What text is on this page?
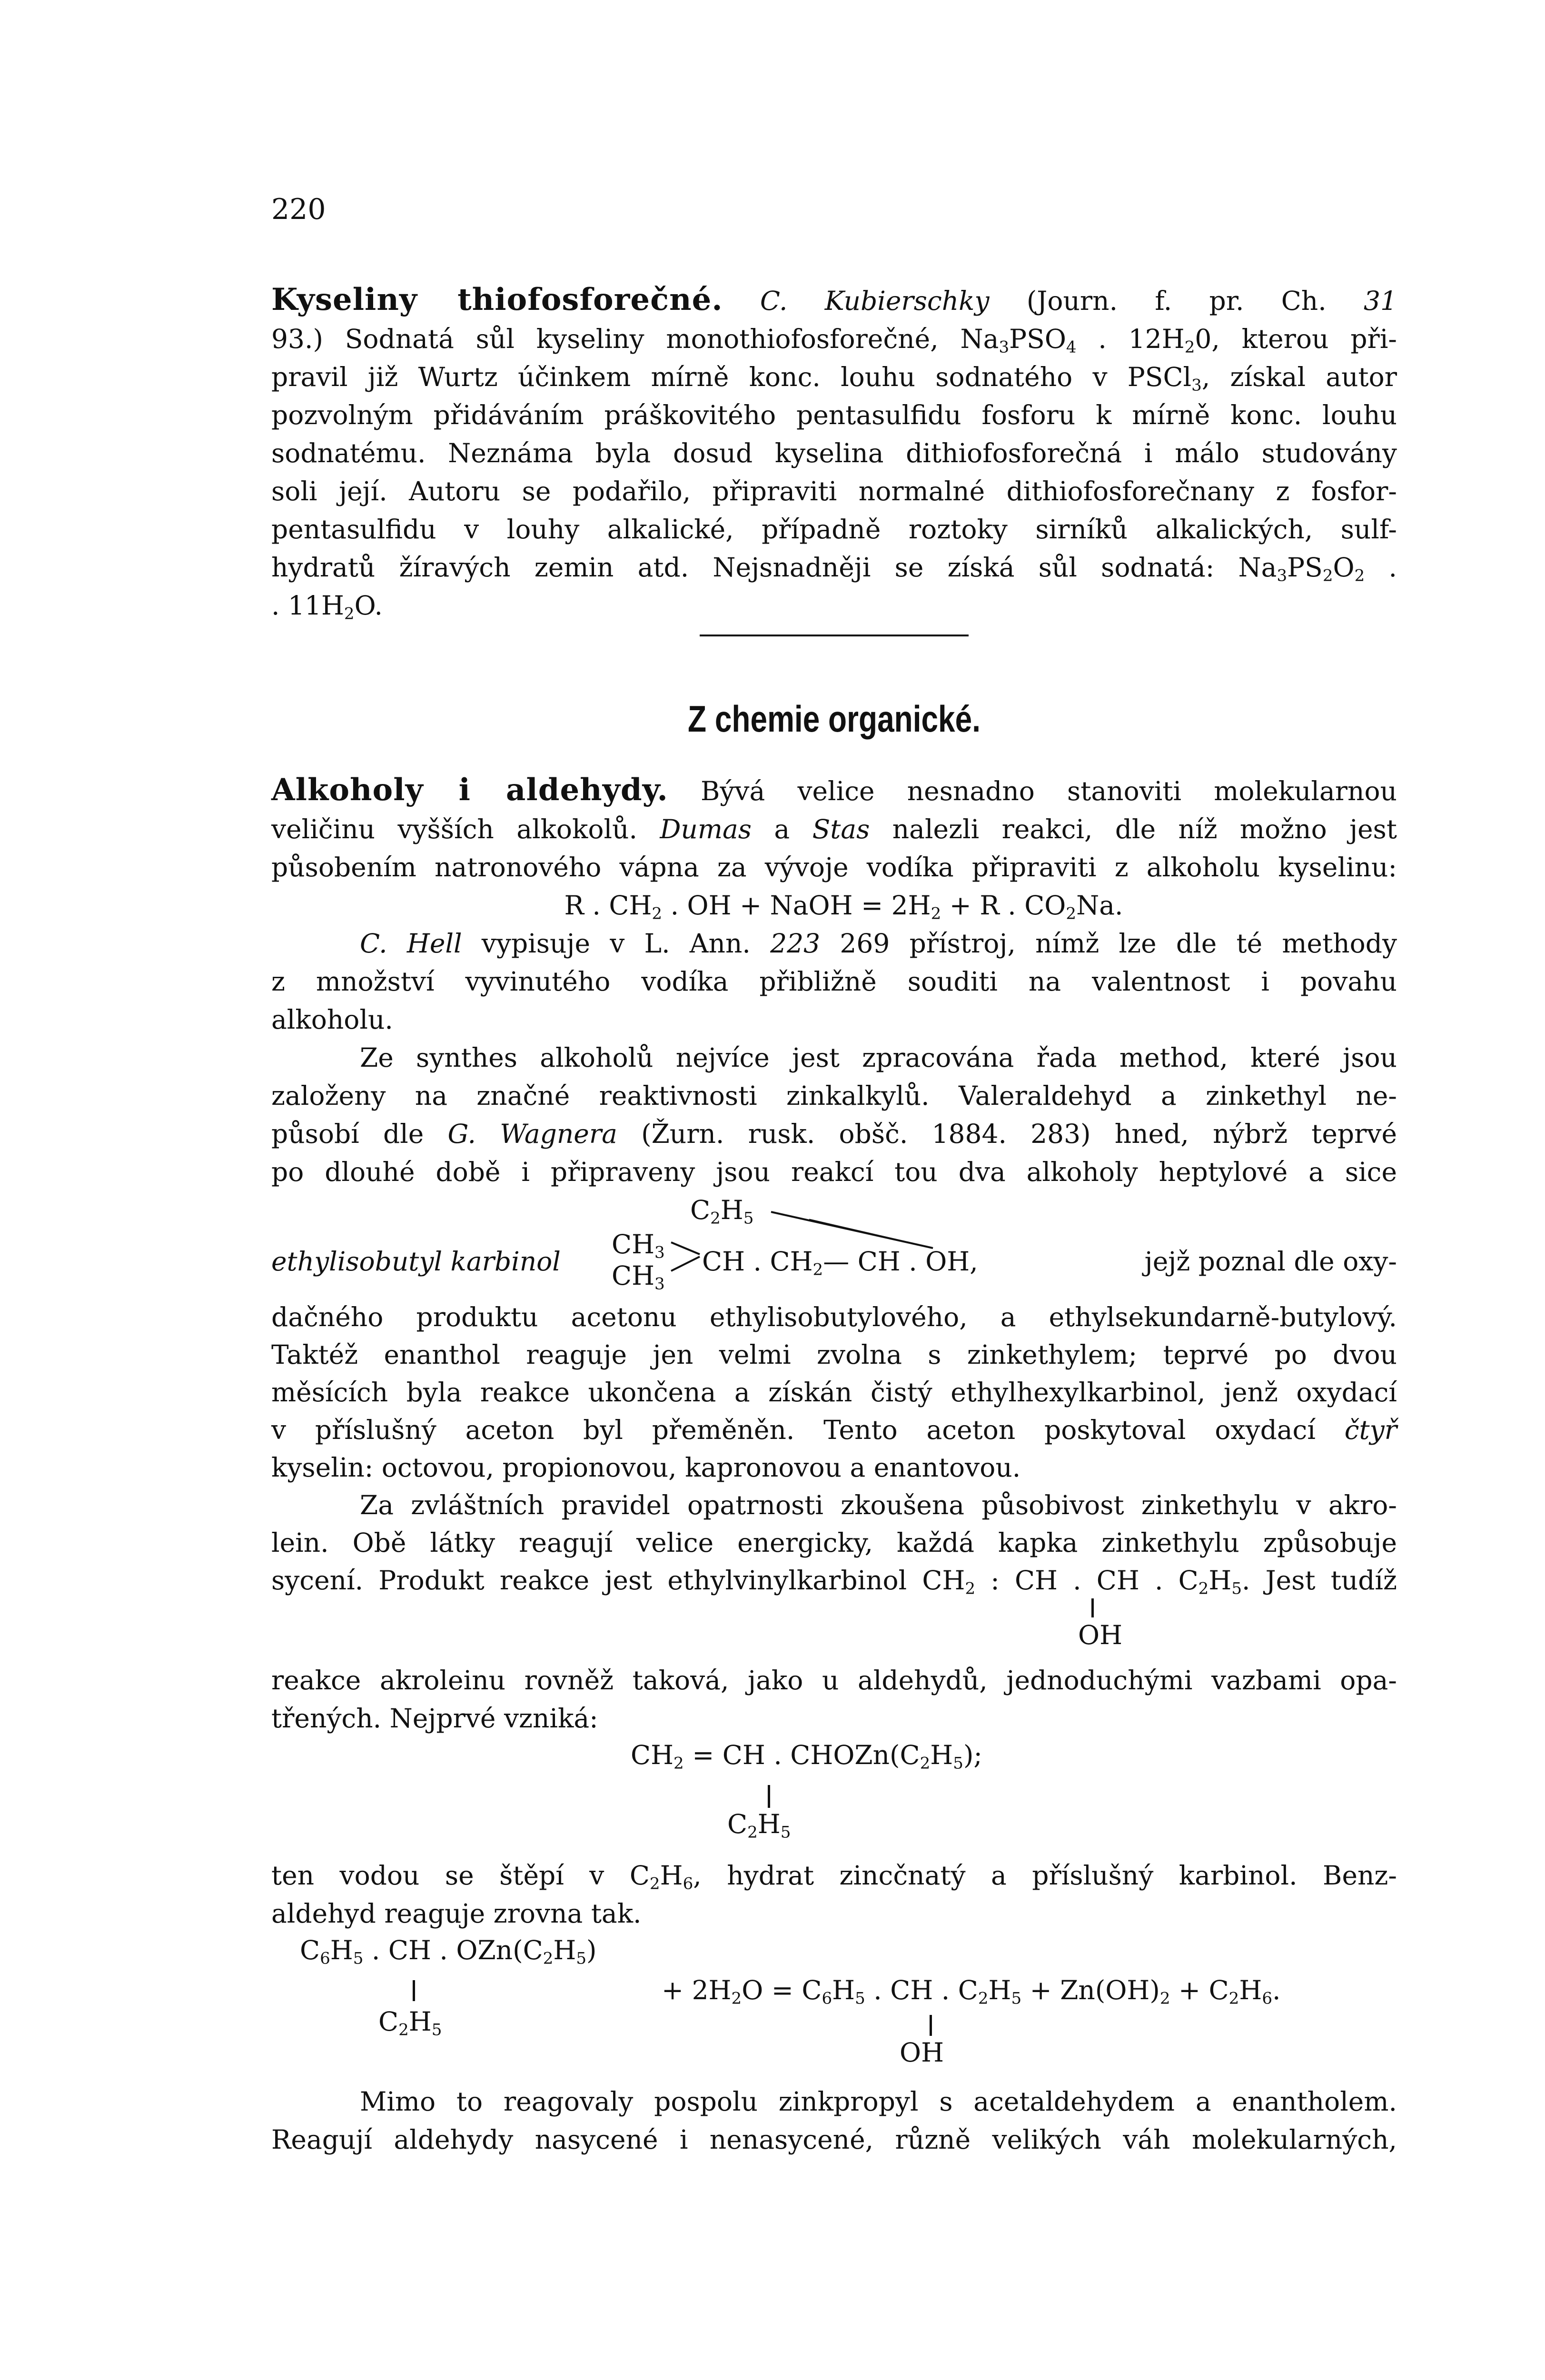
220
Kyseliny thiofosforečné. C. Kubierschky (Journ. f. pr. Ch. 31
93.) Sodnatá sůl kyseliny monothiofosforečné, $Na_3PSO_4$ . $12H_20$, kterou při-
pravil již Wurtz účinkem mírně konc. louhu sodnatého v PSCl$_3$, získal autor
pozvolným přidáváním práškovitého pentasulfidu fosforu k mírně konc. louhu
sodnatému. Neznáma byla dosud kyselina dithiofosforečná i málo studovány
soli její. Autoru se podařilo, připraviti normalné dithiofosforečnany z fosfor-
pentasulfidu v louhy alkalické, případně roztoky sirníků alkalických, sulf-
hydratů žíravých zemin atd. Nejsnadněji se získá sůl sodnatá: $Na_3PS_2O_2$ .
. $11H_2O$.
Z chemie organické.
Alkoholy i aldehydy. Bývá velice nesnadno stanoviti molekularnou
veličinu vyšších alkokolů. Dumas a Stas nalezli reakci, dle níž možno jest
působením natronového vápna za vývoje vodíka připraviti z alkoholu kyselinu:
R . $CH_2$ . OH + NaOH = $2H_2 + R$ . $CO_2Na$.
C. Hell vypisuje v L. Ann. 223 269 přístroj, nímž lze dle té methody
z množství vyvinutého vodíka přibližně souditi na valentnost i povahu
alkoholu.
Ze synthes alkoholů nejvíce jest zpracována řada method, které jsou
založeny na značné reaktivnosti zinkalkylů. Valeraldehyd a zinkethyl ne-
působí dle G. Wagnera (Žurn. rusk. obšč. 1884. 283) hned, nýbrž teprvé
po dlouhé době i připraveny jsou reakcí tou dva alkoholy heptylové a sice
$C_2H_5$
ethylisobutyl karbinol
$CH_3$
$CH_3$
CH . $CH_2—$ CH . OH,	jejž poznal dle oxy-
dačného produktu acetonu ethylisobutylového, a ethylsekundarně-butylový.
Taktéž enanthol reaguje jen velmi zvolna s zinkethylem; teprvé po dvou
měsících byla reakce ukončena a získán čistý ethylhexylkarbinol, jenž oxydací
v příslušný aceton byl přeměněn. Tento aceton poskytoval oxydací čtyř
kyselin: octovou, propionovou, kapronovou a enantovou.
Za zvláštních pravidel opatrnosti zkoušena působivost zinkethylu v akro-
lein. Obě látky reagují velice energicky, každá kapka zinkethylu způsobuje
sycení. Produkt reakce jest ethylvinylkarbinol $CH_2$ : CH . CH . $C_2H_5$. Jest tudíž
OH
reakce akroleinu rovněž taková, jako u aldehydů, jednoduchými vazbami opa-
třených. Nejprvé vzniká:
$CH_2$ = CH . $CHOZn(C_2H_5)$;
$C_2H_5$
ten vodou se štěpí v $C_2H_6$, hydrat zincčnatý a příslušný karbinol. Benz-
aldehyd reaguje zrovna tak.
$C_6H_5$ . CH . $OZn(C_2H_5)$
$C_2H_5$
+ $2H_2O = C_6H_5$ . CH . $C_2H_5 + Zn(OH)_2 + C_2H_6$.
OH
Mimo to reagovaly pospolu zinkpropyl s acetaldehydem a enantholem.
Reagují aldehydy nasycené i nenasycené, různě velikých váh molekularných,
